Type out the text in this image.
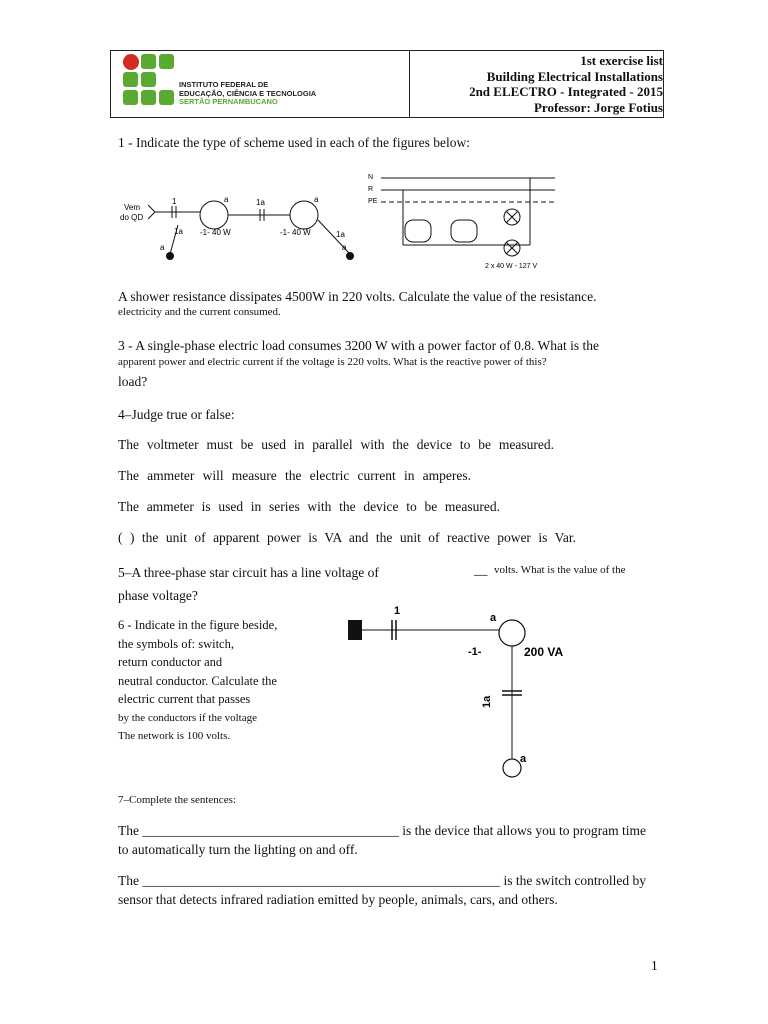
INSTITUTO FEDERAL DE
EDUCAÇÃO, CIÊNCIA E TECNOLOGIA
SERTÃO PERNAMBUCANO
1st exercise list
Building Electrical Installations
2nd ELECTRO - Integrated - 2015
Professor: Jorge Fotius
1 - Indicate the type of scheme used in each of the figures below:
Vem
do QD
1	a
-1- 40 W
1a
a
1a	a
-1- 40 W	1a
a
N
R
PE
2 x 40 W - 127 V
A shower resistance dissipates 4500W in 220 volts. Calculate the value of the resistance.
electricity and the current consumed.
3 - A single-phase electric load consumes 3200 W with a power factor of 0.8. What is the
apparent power and electric current if the voltage is 220 volts. What is the reactive power of this?
load?
4–Judge true or false:
The voltmeter must be used in parallel with the device to be measured.
The ammeter will measure the electric current in amperes.
The ammeter is used in series with the device to be measured.
( ) the unit of apparent power is VA and the unit of reactive power is Var.
5–A three-phase star circuit has a line voltage of	__ volts. What is the value of the
phase voltage?
6 - Indicate in the figure beside,
the symbols of: switch,
return conductor and
neutral conductor. Calculate the
electric current that passes
by the conductors if the voltage
The network is 100 volts.
1
a
-1-	200 VA
1a
a
7–Complete the sentences:
The ______________________________________ is the device that allows you to program time
to automatically turn the lighting on and off.
The _____________________________________________________ is the switch controlled by
sensor that detects infrared radiation emitted by people, animals, cars, and others.
1
